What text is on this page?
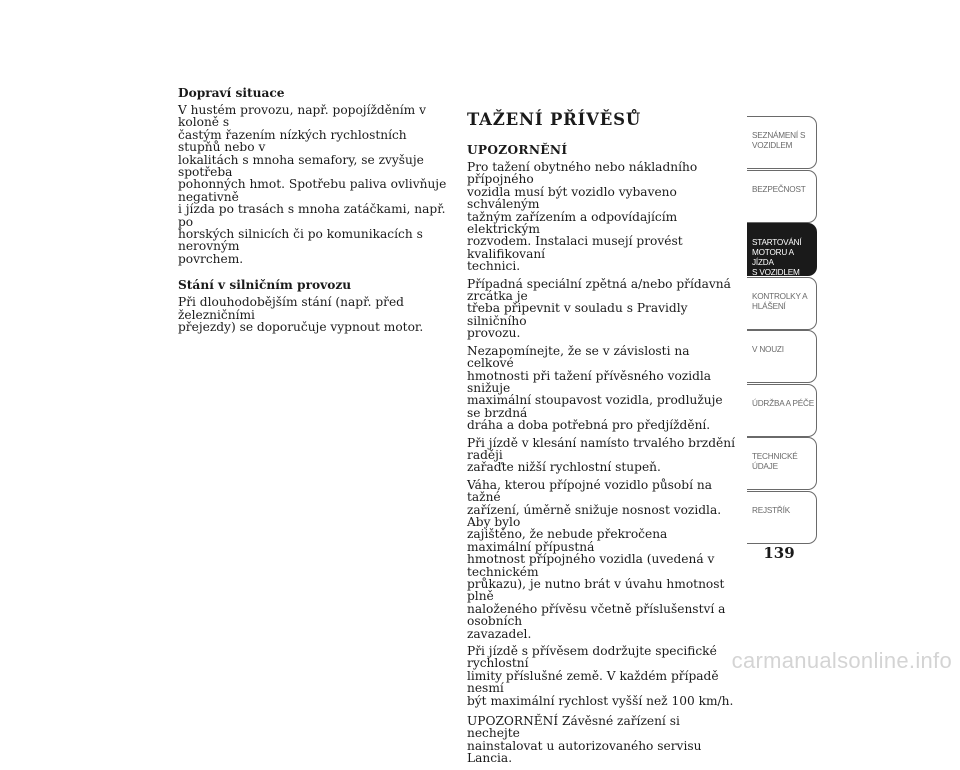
Dopraví situace
V hustém provozu, např. popojížděním v koloně s
častým řazením nízkých rychlostních stupňů nebo v
lokalitách s mnoha semafory, se zvyšuje spotřeba
pohonných hmot. Spotřebu paliva ovlivňuje negativně
i jízda po trasách s mnoha zatáčkami, např. po
horských silnicích či po komunikacích s nerovným
povrchem.
Stání v silničním provozu
Při dlouhodobějším stání (např. před železničními
přejezdy) se doporučuje vypnout motor.
TAŽENÍ PŘÍVĚSŮ
UPOZORNĚNÍ
Pro tažení obytného nebo nákladního přípojného
vozidla musí být vozidlo vybaveno schváleným
tažným zařízením a odpovídajícím elektrickým
rozvodem. Instalaci musejí provést kvalifikovaní
technici.
Případná speciální zpětná a/nebo přídavná zrcátka je
třeba připevnit v souladu s Pravidly silničního
provozu.
Nezapomínejte, že se v závislosti na celkové
hmotnosti při tažení přívěsného vozidla snižuje
maximální stoupavost vozidla, prodlužuje se brzdná
dráha a doba potřebná pro předjíždění.
Při jízdě v klesání namísto trvalého brzdění raději
zařaďte nižší rychlostní stupeň.
Váha, kterou přípojné vozidlo působí na tažné
zařízení, úměrně snižuje nosnost vozidla. Aby bylo
zajištěno, že nebude překročena maximální přípustná
hmotnost přípojného vozidla (uvedená v technickém
průkazu), je nutno brát v úvahu hmotnost plně
naloženého přívěsu včetně příslušenství a osobních
zavazadel.
Při jízdě s přívěsem dodržujte specifické rychlostní
limity příslušné země. V každém případě nesmí
být maximální rychlost vyšší než 100 km/h.
UPOZORNĚNÍ Závěsné zařízení si nechejte
nainstalovat u autorizovaného servisu Lancia.
SEZNÁMENÍ S
VOZIDLEM
BEZPEČNOST
STARTOVÁNÍ
MOTORU A JÍZDA
S VOZIDLEM
KONTROLKY A
HLÁŠENÍ
V NOUZI
ÚDRŽBA A PÉČE
TECHNICKÉ
ÚDAJE
REJSTŘÍK
139
carmanualsonline.info
